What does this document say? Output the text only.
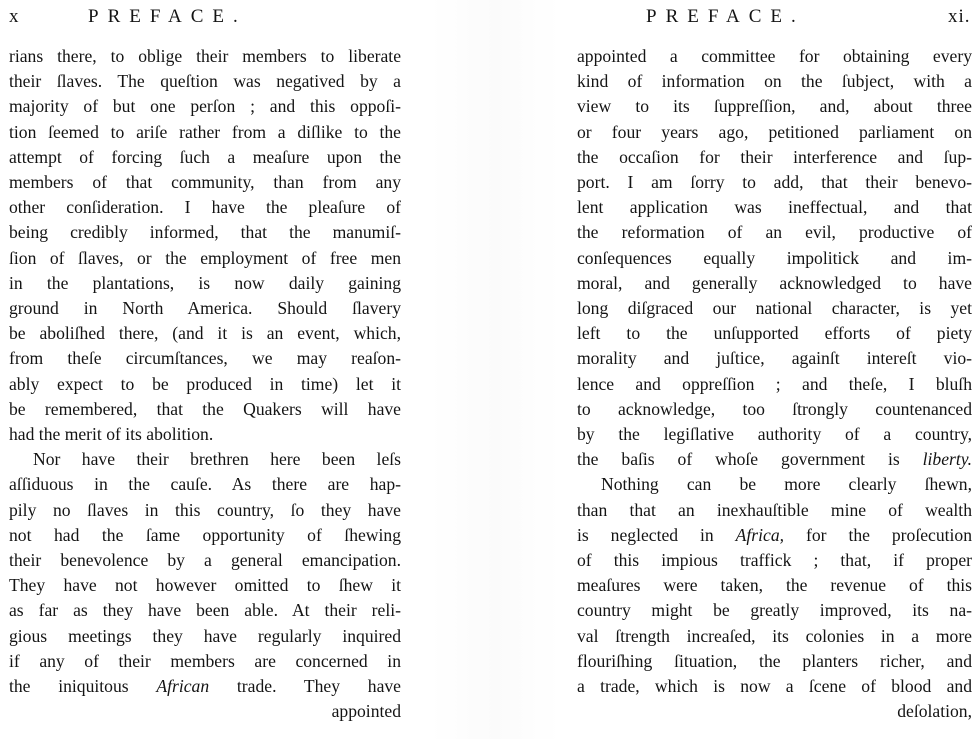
x	PREFACE.
rians there, to oblige their members to liberate
their ſlaves. The queſtion was negatived by a
majority of but one perſon ; and this oppoſi-
tion ſeemed to ariſe rather from a diſlike to the
attempt of forcing ſuch a meaſure upon the
members of that community, than from any
other conſideration. I have the pleaſure of
being credibly informed, that the manumiſ-
ſion of ſlaves, or the employment of free men
in the plantations, is now daily gaining
ground in North America. Should ſlavery
be aboliſhed there, (and it is an event, which,
from theſe circumſtances, we may reaſon-
ably expect to be produced in time) let it
be remembered, that the Quakers will have
had the merit of its abolition.
Nor have their brethren here been leſs
aſſiduous in the cauſe. As there are hap-
pily no ſlaves in this country, ſo they have
not had the ſame opportunity of ſhewing
their benevolence by a general emancipation.
They have not however omitted to ſhew it
as far as they have been able. At their reli-
gious meetings they have regularly inquired
if any of their members are concerned in
the iniquitous African trade. They have
appointed
PREFACE.	xi.
appointed a committee for obtaining every
kind of information on the ſubject, with a
view to its ſuppreſſion, and, about three
or four years ago, petitioned parliament on
the occaſion for their interference and ſup-
port. I am ſorry to add, that their benevo-
lent application was ineffectual, and that
the reformation of an evil, productive of
conſequences equally impolitick and im-
moral, and generally acknowledged to have
long diſgraced our national character, is yet
left to the unſupported efforts of piety
morality and juſtice, againſt intereſt vio-
lence and oppreſſion ; and theſe, I bluſh
to acknowledge, too ſtrongly countenanced
by the legiſlative authority of a country,
the baſis of whoſe government is liberty.
Nothing can be more clearly ſhewn,
than that an inexhauſtible mine of wealth
is neglected in Africa, for the proſecution
of this impious traffick ; that, if proper
meaſures were taken, the revenue of this
country might be greatly improved, its na-
val ſtrength increaſed, its colonies in a more
flouriſhing ſituation, the planters richer, and
a trade, which is now a ſcene of blood and
deſolation,
